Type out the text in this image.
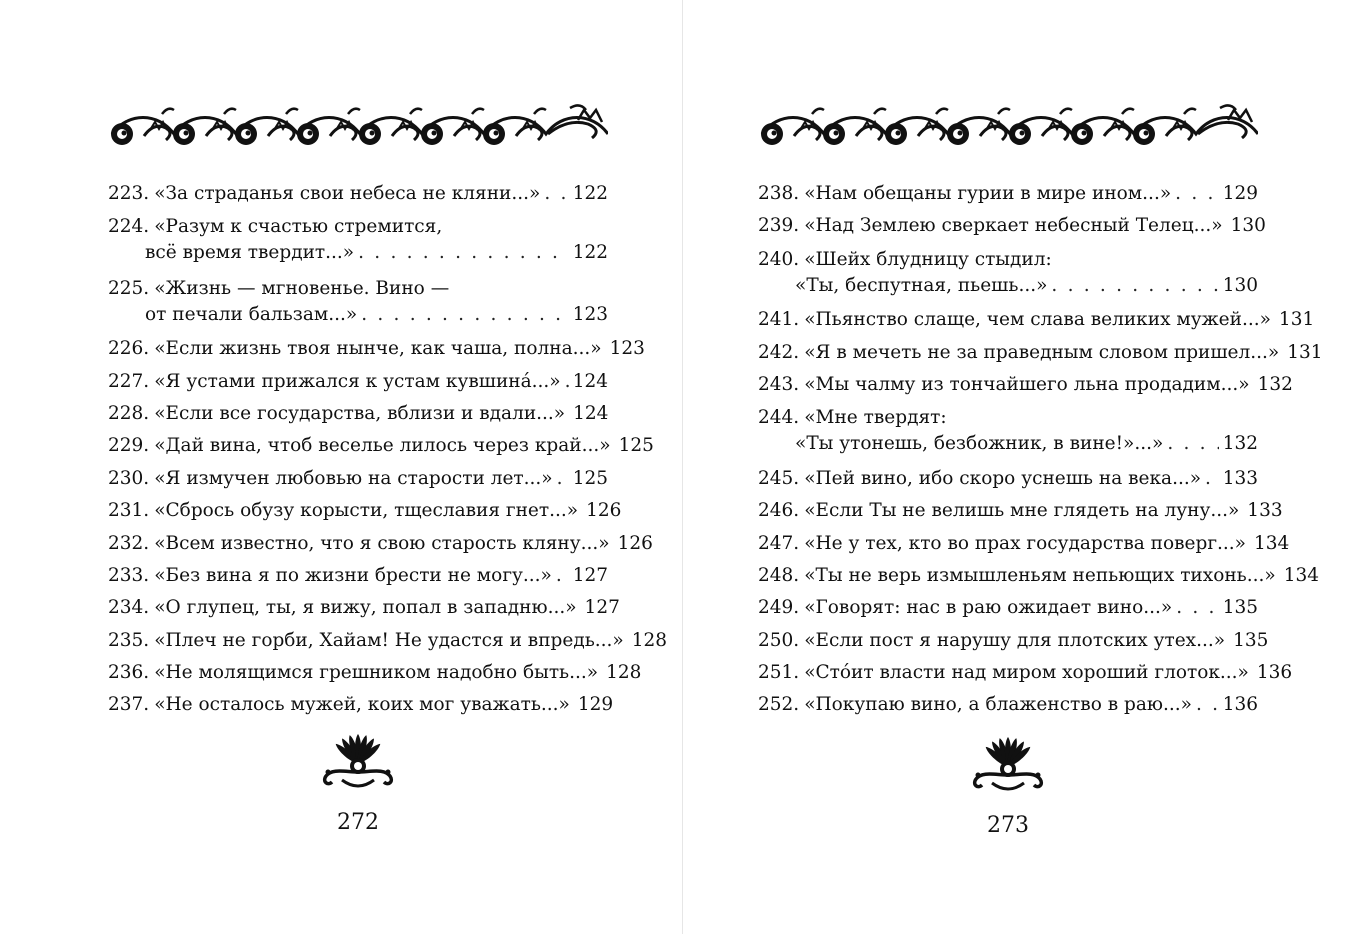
223. «За страданья свои небеса не кляни...» . . . 122
224. «Разум к счастью стремится,
всё время твердит...» . . .	122
225. «Жизнь — мгновенье. Вино —
от печали бальзам...» . . .	123
226. «Если жизнь твоя нынче, как чаша, полна...» 123
227. «Я устами прижался к устам кувшина́...» . . . 124
228. «Если все государства, вблизи и вдали...» 124
229. «Дай вина, чтоб веселье лилось через край...» 125
230. «Я измучен любовью на старости лет...» . . . 125
231. «Сбрось обузу корысти, тщеславия гнет...» 126
232. «Всем известно, что я свою старость кляну...» 126
233. «Без вина я по жизни брести не могу...» . . . 127
234. «О глупец, ты, я вижу, попал в западню...» 127
235. «Плеч не горби, Хайам! Не удастся и впредь...» 128
236. «Не молящимся грешником надобно быть...» 128
237. «Не осталось мужей, коих мог уважать...» 129
272
238. «Нам обещаны гурии в мире ином...» . . .	129
239. «Над Землею сверкает небесный Телец...» 130
240. «Шейх блудницу стыдил:
«Ты, беспутная, пьешь...» . . .	130
241. «Пьянство слаще, чем слава великих мужей...» 131
242. «Я в мечеть не за праведным словом пришел...» 131
243. «Мы чалму из тончайшего льна продадим...» 132
244. «Мне твердят:
«Ты утонешь, безбожник, в вине!»...» . . .	132
245. «Пей вино, ибо скоро уснешь на века...» . . . 133
246. «Если Ты не велишь мне глядеть на луну...» 133
247. «Не у тех, кто во прах государства поверг...» 134
248. «Ты не верь измышленьям непьющих тихонь...» 134
249. «Говорят: нас в раю ожидает вино...» . . .	135
250. «Если пост я нарушу для плотских утех...» 135
251. «Сто́ит власти над миром хороший глоток...» 136
252. «Покупаю вино, а блаженство в раю...» . . . 136
273
